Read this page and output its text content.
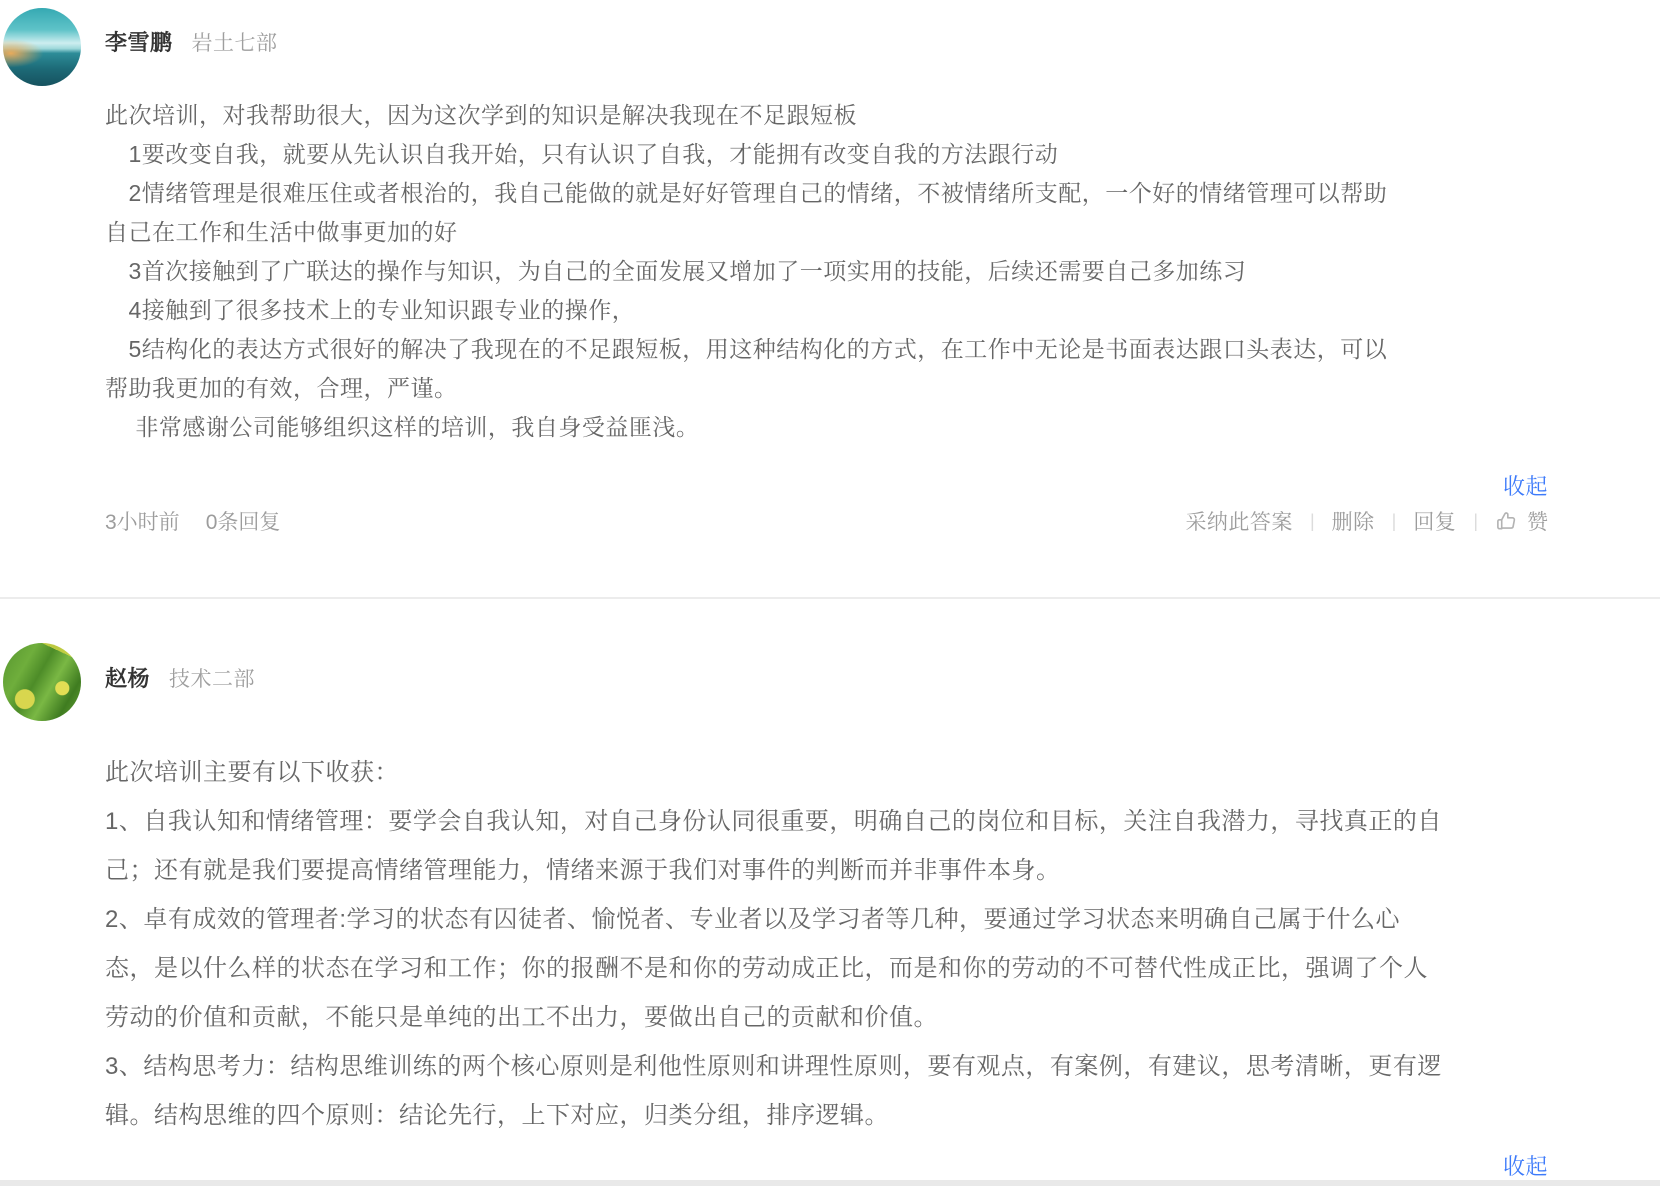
李雪鹏 岩土七部
此次培训，对我帮助很大，因为这次学到的知识是解决我现在不足跟短板
　1要改变自我，就要从先认识自我开始，只有认识了自我，才能拥有改变自我的方法跟行动
　2情绪管理是很难压住或者根治的，我自己能做的就是好好管理自己的情绪，不被情绪所支配，一个好的情绪管理可以帮助
自己在工作和生活中做事更加的好
　3首次接触到了广联达的操作与知识，为自己的全面发展又增加了一项实用的技能，后续还需要自己多加练习
　4接触到了很多技术上的专业知识跟专业的操作，
　5结构化的表达方式很好的解决了我现在的不足跟短板，用这种结构化的方式，在工作中无论是书面表达跟口头表达，可以
帮助我更加的有效，合理，严谨。
　 非常感谢公司能够组织这样的培训，我自身受益匪浅。
收起
3小时前 0条回复	采纳此答案 | 删除 | 回复 | 赞
赵杨 技术二部
此次培训主要有以下收获：
1、自我认知和情绪管理：要学会自我认知，对自己身份认同很重要，明确自己的岗位和目标，关注自我潜力，寻找真正的自
己；还有就是我们要提高情绪管理能力，情绪来源于我们对事件的判断而并非事件本身。
2、卓有成效的管理者:学习的状态有囚徒者、愉悦者、专业者以及学习者等几种，要通过学习状态来明确自己属于什么心
态，是以什么样的状态在学习和工作；你的报酬不是和你的劳动成正比，而是和你的劳动的不可替代性成正比，强调了个人
劳动的价值和贡献，不能只是单纯的出工不出力，要做出自己的贡献和价值。
3、结构思考力：结构思维训练的两个核心原则是利他性原则和讲理性原则，要有观点，有案例，有建议，思考清晰，更有逻
辑。结构思维的四个原则：结论先行，上下对应，归类分组，排序逻辑。
收起
